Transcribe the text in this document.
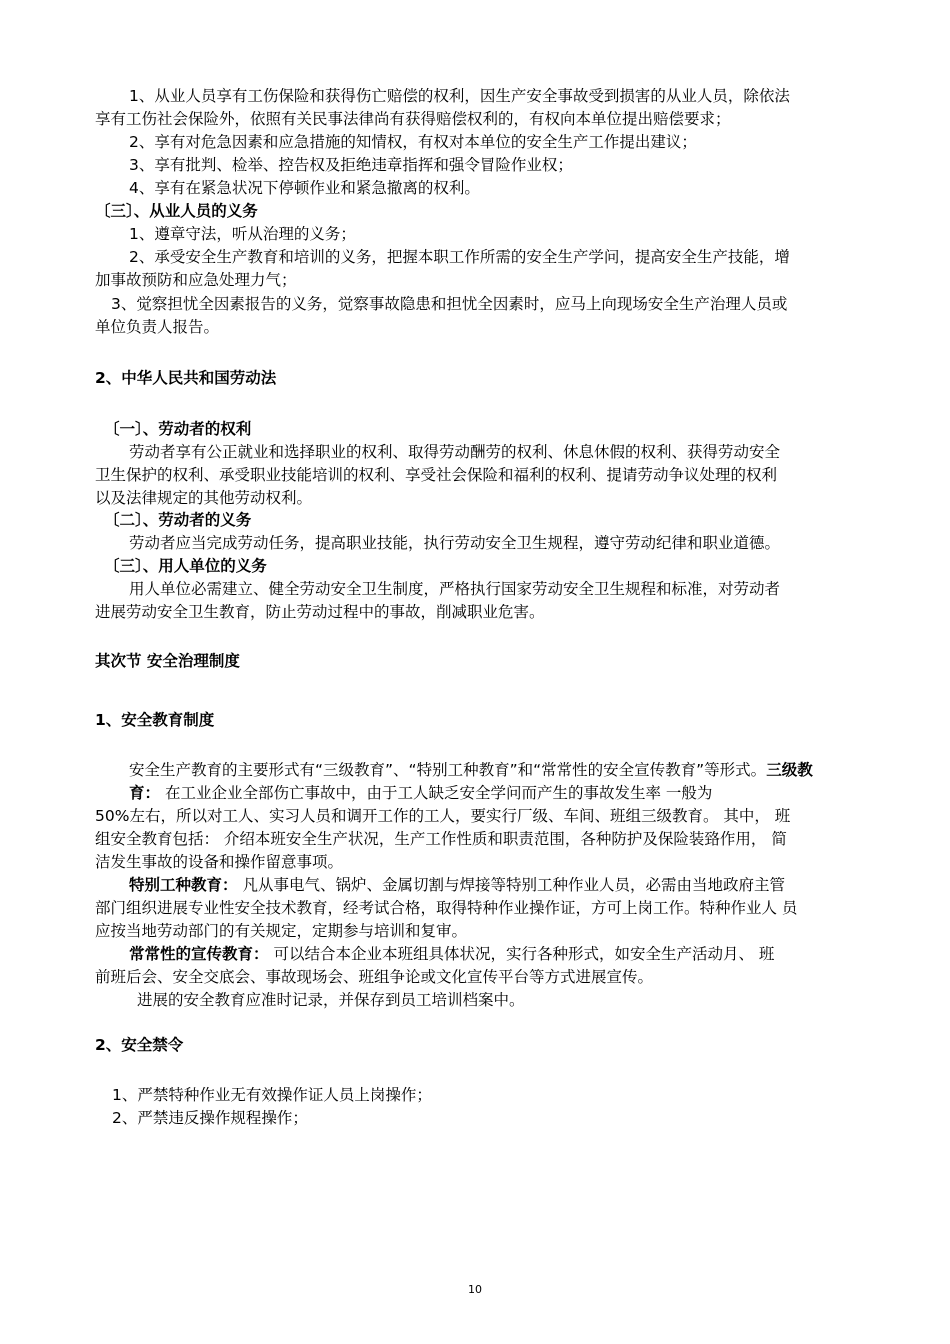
1、从业人员享有工伤保险和获得伤亡赔偿的权利，因生产安全事故受到损害的从业人员，除依法
享有工伤社会保险外，依照有关民事法律尚有获得赔偿权利的，有权向本单位提出赔偿要求；
2、享有对危急因素和应急措施的知情权，有权对本单位的安全生产工作提出建议；
3、享有批判、检举、控告权及拒绝违章指挥和强令冒险作业权；
4、享有在紧急状况下停顿作业和紧急撤离的权利。
〔三〕、从业人员的义务
1、遵章守法，听从治理的义务；
2、承受安全生产教育和培训的义务，把握本职工作所需的安全生产学问，提高安全生产技能，增
加事故预防和应急处理力气；
3、觉察担忧全因素报告的义务，觉察事故隐患和担忧全因素时，应马上向现场安全生产治理人员或
单位负责人报告。
2、中华人民共和国劳动法
〔一〕、劳动者的权利
劳动者享有公正就业和选择职业的权利、取得劳动酬劳的权利、休息休假的权利、获得劳动安全
卫生保护的权利、承受职业技能培训的权利、享受社会保险和福利的权利、提请劳动争议处理的权利
以及法律规定的其他劳动权利。
〔二〕、劳动者的义务
劳动者应当完成劳动任务，提高职业技能，执行劳动安全卫生规程，遵守劳动纪律和职业道德。
〔三〕、用人单位的义务
用人单位必需建立、健全劳动安全卫生制度，严格执行国家劳动安全卫生规程和标准，对劳动者
进展劳动安全卫生教育，防止劳动过程中的事故，削减职业危害。
其次节 安全治理制度
1、安全教育制度
安全生产教育的主要形式有“三级教育”、“特别工种教育”和“常常性的安全宣传教育”等形式。三级教
育： 在工业企业全部伤亡事故中，由于工人缺乏安全学问而产生的事故发生率 一般为
50%左右，所以对工人、实习人员和调开工作的工人，要实行厂级、车间、班组三级教育。 其中， 班
组安全教育包括： 介绍本班安全生产状况，生产工作性质和职责范围，各种防护及保险装臵作用， 简
洁发生事故的设备和操作留意事项。
特别工种教育： 凡从事电气、锅炉、金属切割与焊接等特别工种作业人员，必需由当地政府主管
部门组织进展专业性安全技术教育，经考试合格，取得特种作业操作证，方可上岗工作。特种作业人 员
应按当地劳动部门的有关规定，定期参与培训和复审。
常常性的宣传教育： 可以结合本企业本班组具体状况，实行各种形式，如安全生产活动月、 班
前班后会、安全交底会、事故现场会、班组争论或文化宣传平台等方式进展宣传。
进展的安全教育应准时记录，并保存到员工培训档案中。
2、安全禁令
1、严禁特种作业无有效操作证人员上岗操作；
2、严禁违反操作规程操作；
10
